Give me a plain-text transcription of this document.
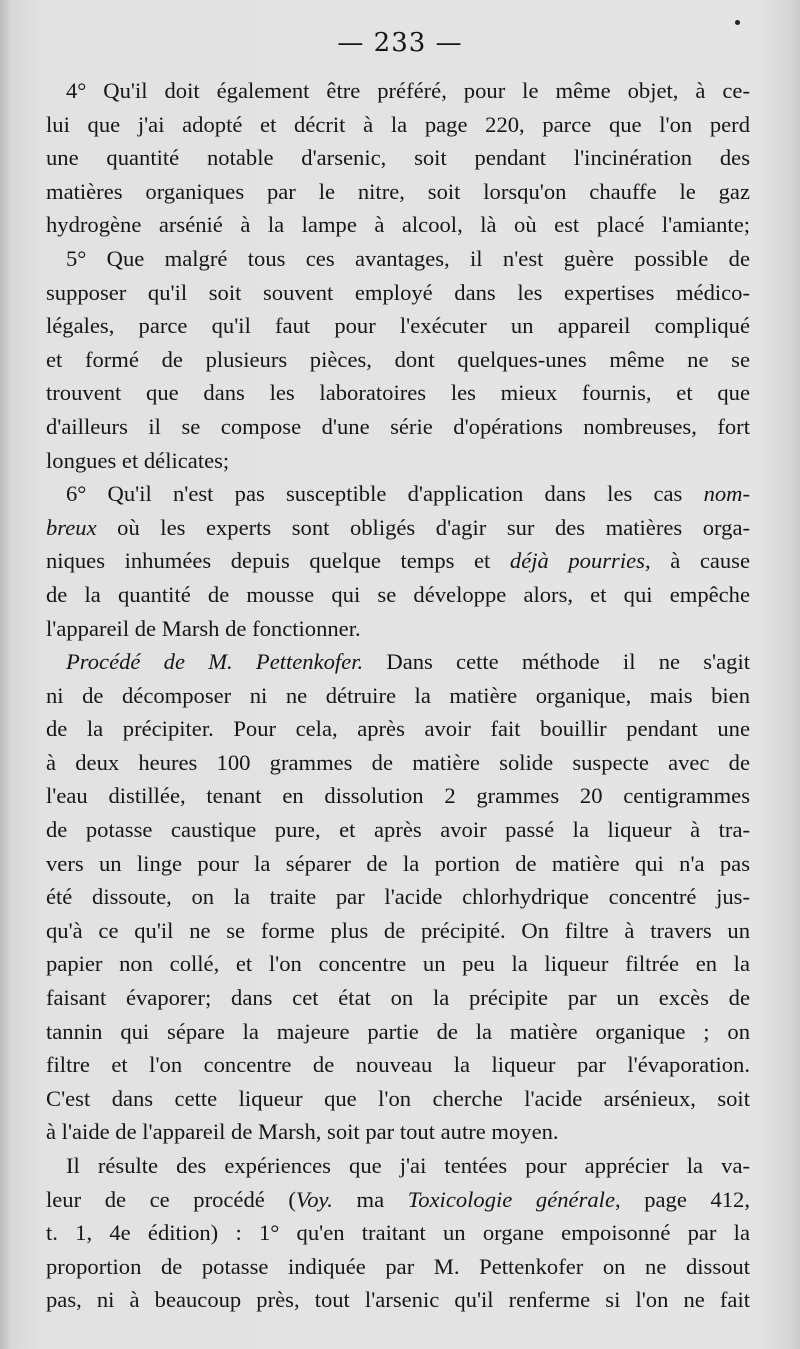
— 233 —
4° Qu'il doit également être préféré, pour le même objet, à ce-
lui que j'ai adopté et décrit à la page 220, parce que l'on perd
une quantité notable d'arsenic, soit pendant l'incinération des
matières organiques par le nitre, soit lorsqu'on chauffe le gaz
hydrogène arsénié à la lampe à alcool, là où est placé l'amiante;
5° Que malgré tous ces avantages, il n'est guère possible de
supposer qu'il soit souvent employé dans les expertises médico-
légales, parce qu'il faut pour l'exécuter un appareil compliqué
et formé de plusieurs pièces, dont quelques-unes même ne se
trouvent que dans les laboratoires les mieux fournis, et que
d'ailleurs il se compose d'une série d'opérations nombreuses, fort
longues et délicates;
6° Qu'il n'est pas susceptible d'application dans les cas nom-
breux où les experts sont obligés d'agir sur des matières orga-
niques inhumées depuis quelque temps et déjà pourries, à cause
de la quantité de mousse qui se développe alors, et qui empêche
l'appareil de Marsh de fonctionner.
Procédé de M. Pettenkofer. Dans cette méthode il ne s'agit
ni de décomposer ni ne détruire la matière organique, mais bien
de la précipiter. Pour cela, après avoir fait bouillir pendant une
à deux heures 100 grammes de matière solide suspecte avec de
l'eau distillée, tenant en dissolution 2 grammes 20 centigrammes
de potasse caustique pure, et après avoir passé la liqueur à tra-
vers un linge pour la séparer de la portion de matière qui n'a pas
été dissoute, on la traite par l'acide chlorhydrique concentré jus-
qu'à ce qu'il ne se forme plus de précipité. On filtre à travers un
papier non collé, et l'on concentre un peu la liqueur filtrée en la
faisant évaporer; dans cet état on la précipite par un excès de
tannin qui sépare la majeure partie de la matière organique ; on
filtre et l'on concentre de nouveau la liqueur par l'évaporation.
C'est dans cette liqueur que l'on cherche l'acide arsénieux, soit
à l'aide de l'appareil de Marsh, soit par tout autre moyen.
Il résulte des expériences que j'ai tentées pour apprécier la va-
leur de ce procédé (Voy. ma Toxicologie générale, page 412,
t. 1, 4e édition) : 1° qu'en traitant un organe empoisonné par la
proportion de potasse indiquée par M. Pettenkofer on ne dissout
pas, ni à beaucoup près, tout l'arsenic qu'il renferme si l'on ne fait
